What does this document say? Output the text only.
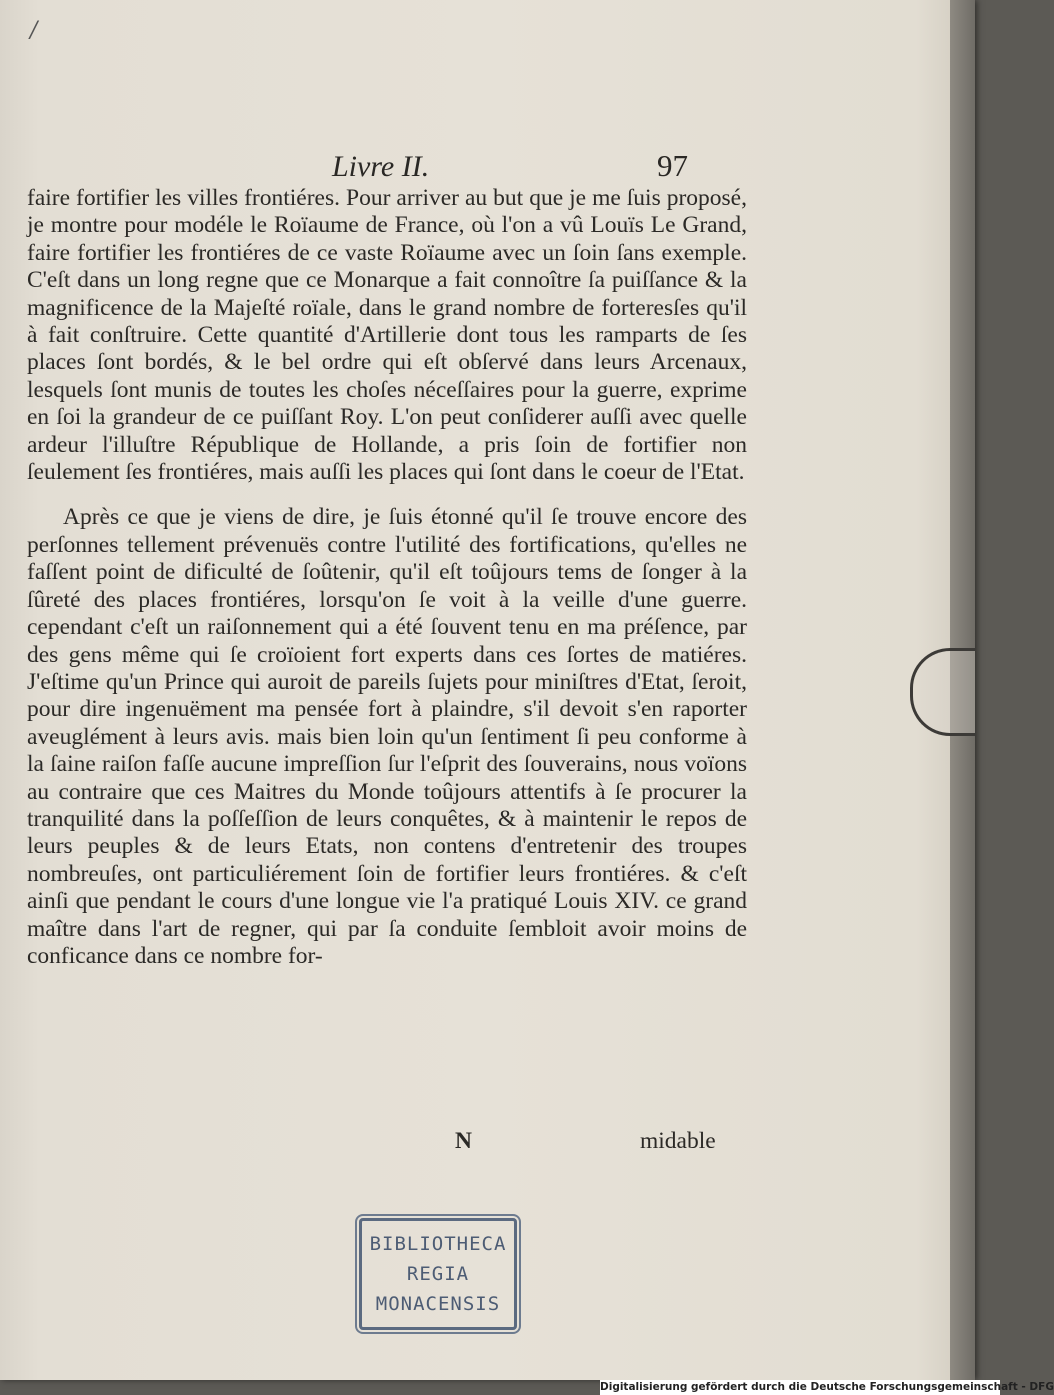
/
Livre II.	97

faire fortifier les villes frontiéres. Pour arriver au but que je me ſuis proposé, je montre pour modéle le Roïaume de France, où l'on a vû Louïs Le Grand, faire fortifier les frontiéres de ce vaste Roïaume avec un ſoin ſans exemple. C'eſt dans un long regne que ce Monarque a fait connoître ſa puiſſance & la magnificence de la Majeſté roïale, dans le grand nombre de forteresſes qu'il à fait conſtruire. Cette quantité d'Artillerie dont tous les ramparts de ſes places ſont bordés, & le bel ordre qui eſt obſervé dans leurs Arcenaux, lesquels ſont munis de toutes les choſes néceſſaires pour la guerre, exprime en ſoi la grandeur de ce puiſſant Roy. L'on peut conſiderer auſſi avec quelle ardeur l'illuſtre République de Hollande, a pris ſoin de fortifier non ſeulement ſes frontiéres, mais auſſi les places qui ſont dans le coeur de l'Etat.

Après ce que je viens de dire, je ſuis étonné qu'il ſe trouve encore des perſonnes tellement prévenuës contre l'utilité des fortifications, qu'elles ne faſſent point de dificulté de ſoûtenir, qu'il eſt toûjours tems de ſonger à la ſûreté des places frontiéres, lorsqu'on ſe voit à la veille d'une guerre. cependant c'eſt un raiſonnement qui a été ſouvent tenu en ma préſence, par des gens même qui ſe croïoient fort experts dans ces ſortes de matiéres. J'eſtime qu'un Prince qui auroit de pareils ſujets pour miniſtres d'Etat, ſeroit, pour dire ingenuëment ma pensée fort à plaindre, s'il devoit s'en raporter aveuglément à leurs avis. mais bien loin qu'un ſentiment ſi peu conforme à la ſaine raiſon faſſe aucune impreſſion ſur l'eſprit des ſouverains, nous voïons au contraire que ces Maitres du Monde toûjours attentifs à ſe procurer la tranquilité dans la poſſeſſion de leurs conquêtes, & à maintenir le repos de leurs peuples & de leurs Etats, non contens d'entretenir des troupes nombreuſes, ont particuliérement ſoin de fortifier leurs frontiéres. & c'eſt ainſi que pendant le cours d'une longue vie l'a pratiqué Louis XIV. ce grand maître dans l'art de regner, qui par ſa conduite ſembloit avoir moins de conficance dans ce nombre for-

N	midable
BIBLIOTHECA
REGIA
MONACENSIS
Digitalisierung gefördert durch die Deutsche Forschungsgemeinschaft - DFG
